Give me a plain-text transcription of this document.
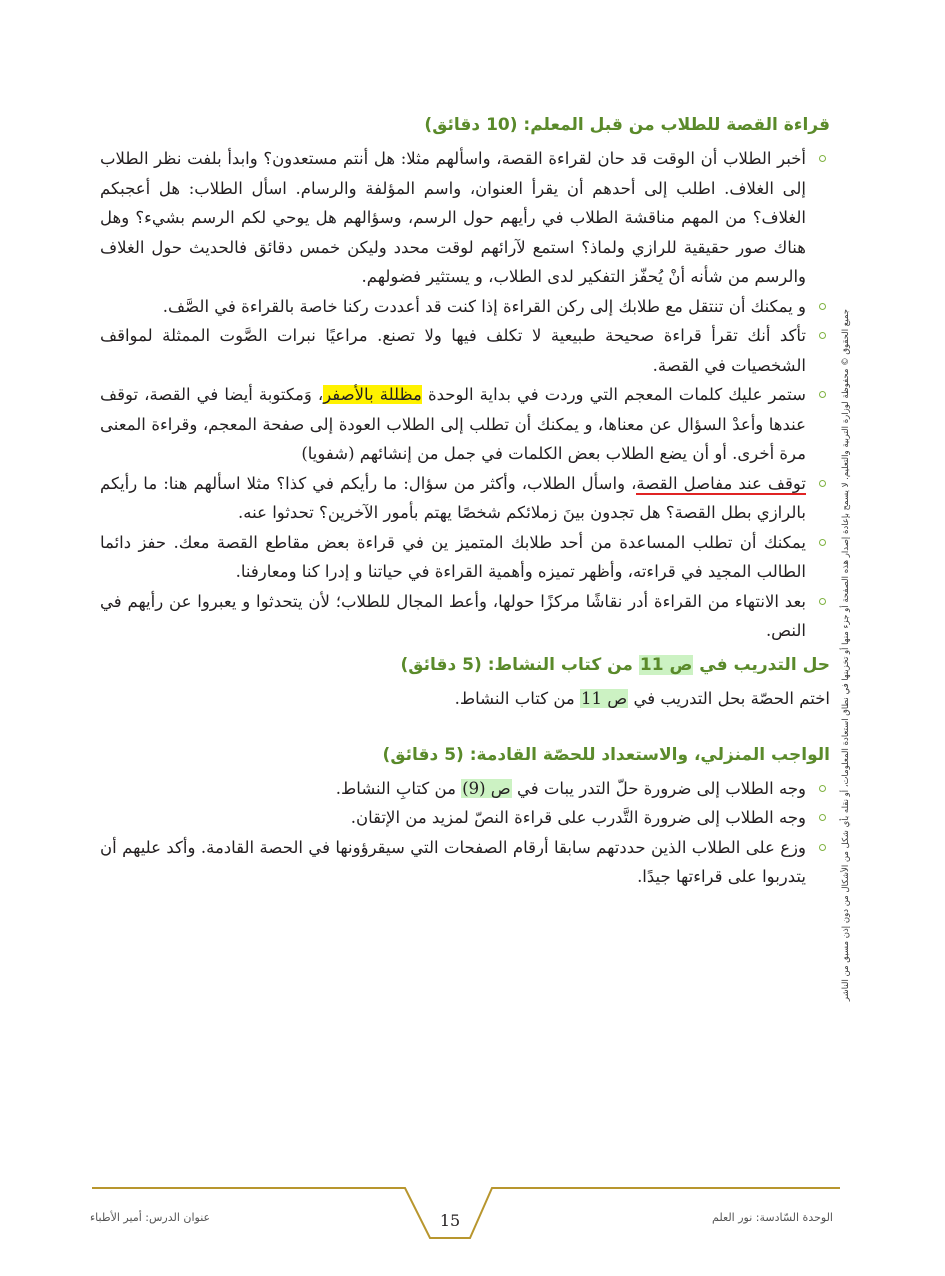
قراءة القصة للطلاب من قبل المعلم: (10 دقائق)
أخبر الطلاب أن الوقت قد حان لقراءة القصة، واسألهم مثلا: هل أنتم مستعدون؟ وابدأ بلفت نظر الطلاب إلى الغلاف. اطلب إلى أحدهم أن يقرأ العنوان، واسم المؤلفة والرسام. اسأل الطلاب: هل أعجبكم الغلاف؟ من المهم مناقشة الطلاب في رأيهم حول الرسم، وسؤالهم هل يوحي لكم الرسم بشيء؟ وهل هناك صور حقيقية للرازي ولماذ؟ استمع لآرائهم لوقت محدد وليكن خمس دقائق فالحديث حول الغلاف والرسم من شأنه أنْ يُحفّز التفكير لدى الطلاب، و يستثير فضولهم.
و يمكنك أن تنتقل مع طلابك إلى ركن القراءة إذا كنت قد أعددت ركنا خاصة بالقراءة في الصَّف.
تأكد أنك تقرأ قراءة صحيحة طبيعية لا تكلف فيها ولا تصنع. مراعيًا نبرات الصَّوت الممثلة لمواقف الشخصيات في القصة.
ستمر عليك كلمات المعجم التي وردت في بداية الوحدة مظللة بالأصفر، وَمكتوبة أيضا في القصة، توقف عندها وأعدْ السؤال عن معناها، و يمكنك أن تطلب إلى الطلاب العودة إلى صفحة المعجم، وقراءة المعنى مرة أخرى. أو أن يضع الطلاب بعض الكلمات في جمل من إنشائهم (شفويا)
توقف عند مفاصل القصة، واسأل الطلاب، وأكثر من سؤال: ما رأيكم في كذا؟ مثلا اسألهم هنا: ما رأيكم بالرازي بطل القصة؟ هل تجدون بينَ زملائكم شخصًا يهتم بأمور الآخرين؟ تحدثوا عنه.
يمكنك أن تطلب المساعدة من أحد طلابك المتميز ين في قراءة بعض مقاطع القصة معك. حفز دائما الطالب المجيد في قراءته، وأظهر تميزه وأهمية القراءة في حياتنا و إدرا كنا ومعارفنا.
بعد الانتهاء من القراءة أدر نقاشًا مركزًا حولها، وأعط المجال للطلاب؛ لأن يتحدثوا و يعبروا عن رأيهم في النص.
حل التدريب في ص 11 من كتاب النشاط: (5 دقائق)

اختم الحصّة بحل التدريب في ص 11 من كتاب النشاط.

الواجب المنزلي، والاستعداد للحصّة القادمة: (5 دقائق)
وجه الطلاب إلى ضرورة حلّ التدر يبات في ص (9) من كتابِ النشاط.
وجه الطلاب إلى ضرورة التَّدرب على قراءة النصّ لمزيد من الإتقان.
وزع على الطلاب الذين حددتهم سابقا أرقام الصفحات التي سيقرؤونها في الحصة القادمة. وأكد عليهم أن يتدربوا على قراءتها جيدًا.	جميع الحقوق © محفوظة لوزارة التربية والتعليم. لا يسمح بإعادة إصدار هذه الصفحة أو جزء منها أو تخزينها في نطاق استعادة المعلومات، أو نقله بأي شكل من الأشكال من دون إذن مسبق من الناشر
عنوان الدرس: أمير الأطباء	الوحدة السّادسة: نور العلم
15
